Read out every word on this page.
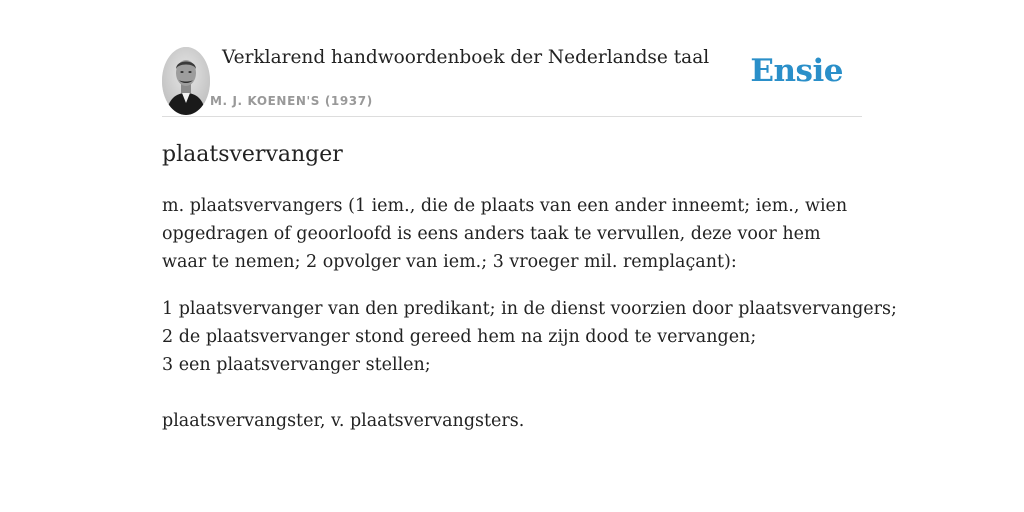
Verklarend handwoordenboek der Nederlandse taal
M. J. KOENEN'S (1937)
Ensie
plaatsvervanger

m. plaatsvervangers (1 iem., die de plaats van een ander inneemt; iem., wien opgedragen of geoorloofd is eens anders taak te vervullen, deze voor hem waar te nemen; 2 opvolger van iem.; 3 vroeger mil. remplaçant):

1 plaatsvervanger van den predikant; in de dienst voorzien door plaatsvervangers;
2 de plaatsvervanger stond gereed hem na zijn dood te vervangen;
3 een plaatsvervanger stellen;

plaatsvervangster, v. plaatsvervangsters.
